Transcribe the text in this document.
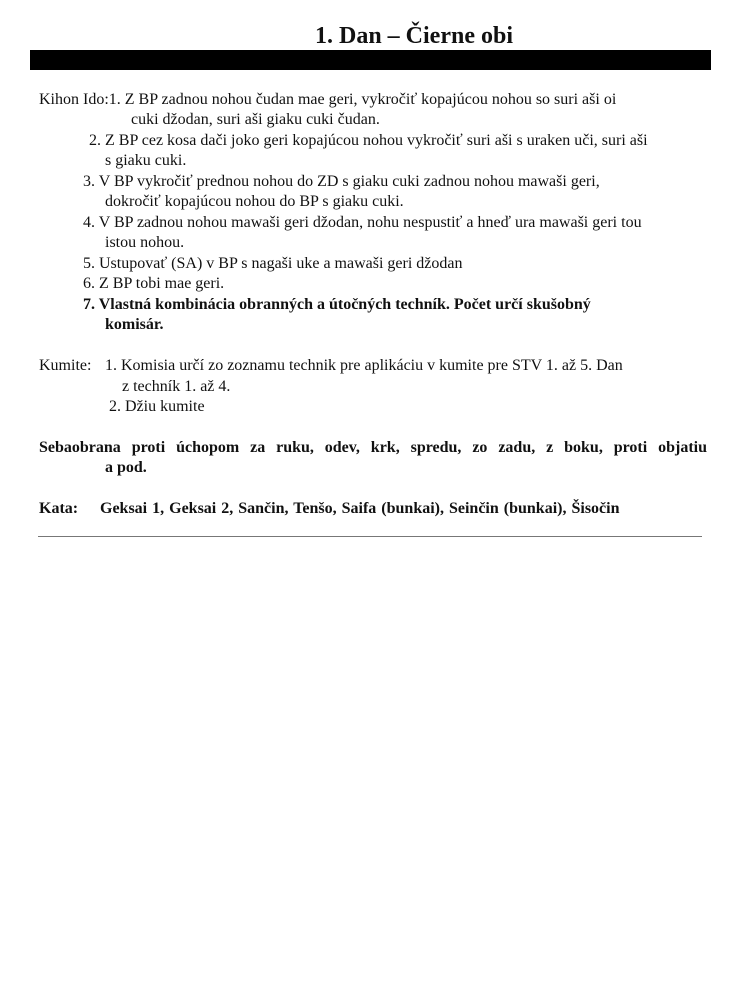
1. Dan – Čierne obi
Kihon Ido:1. Z BP zadnou nohou čudan mae geri, vykročiť kopajúcou nohou so suri aši oi
cuki džodan, suri aši giaku cuki čudan.
2. Z BP cez kosa dači joko geri kopajúcou nohou vykročiť suri aši s uraken uči, suri aši
s giaku cuki.
3. V BP vykročiť prednou nohou do ZD s giaku cuki zadnou nohou mawaši geri,
dokročiť kopajúcou nohou do BP s giaku cuki.
4. V BP zadnou nohou mawaši geri džodan, nohu nespustiť a hneď ura mawaši geri tou
istou nohou.
5. Ustupovať (SA) v BP s nagaši uke a mawaši geri džodan
6. Z BP tobi mae geri.
7. Vlastná kombinácia obranných a útočných techník. Počet určí skušobný
komisár.
Kumite: 1. Komisia určí zo zoznamu technik pre aplikáciu v kumite pre STV 1. až 5. Dan
z techník 1. až 4.
2. Džiu kumite
Sebaobrana proti úchopom za ruku, odev, krk, spredu, zo zadu, z boku, proti objatiu
a pod.
Kata: Geksai 1, Geksai 2, Sančin, Tenšo, Saifa (bunkai), Seinčin (bunkai), Šisočin
